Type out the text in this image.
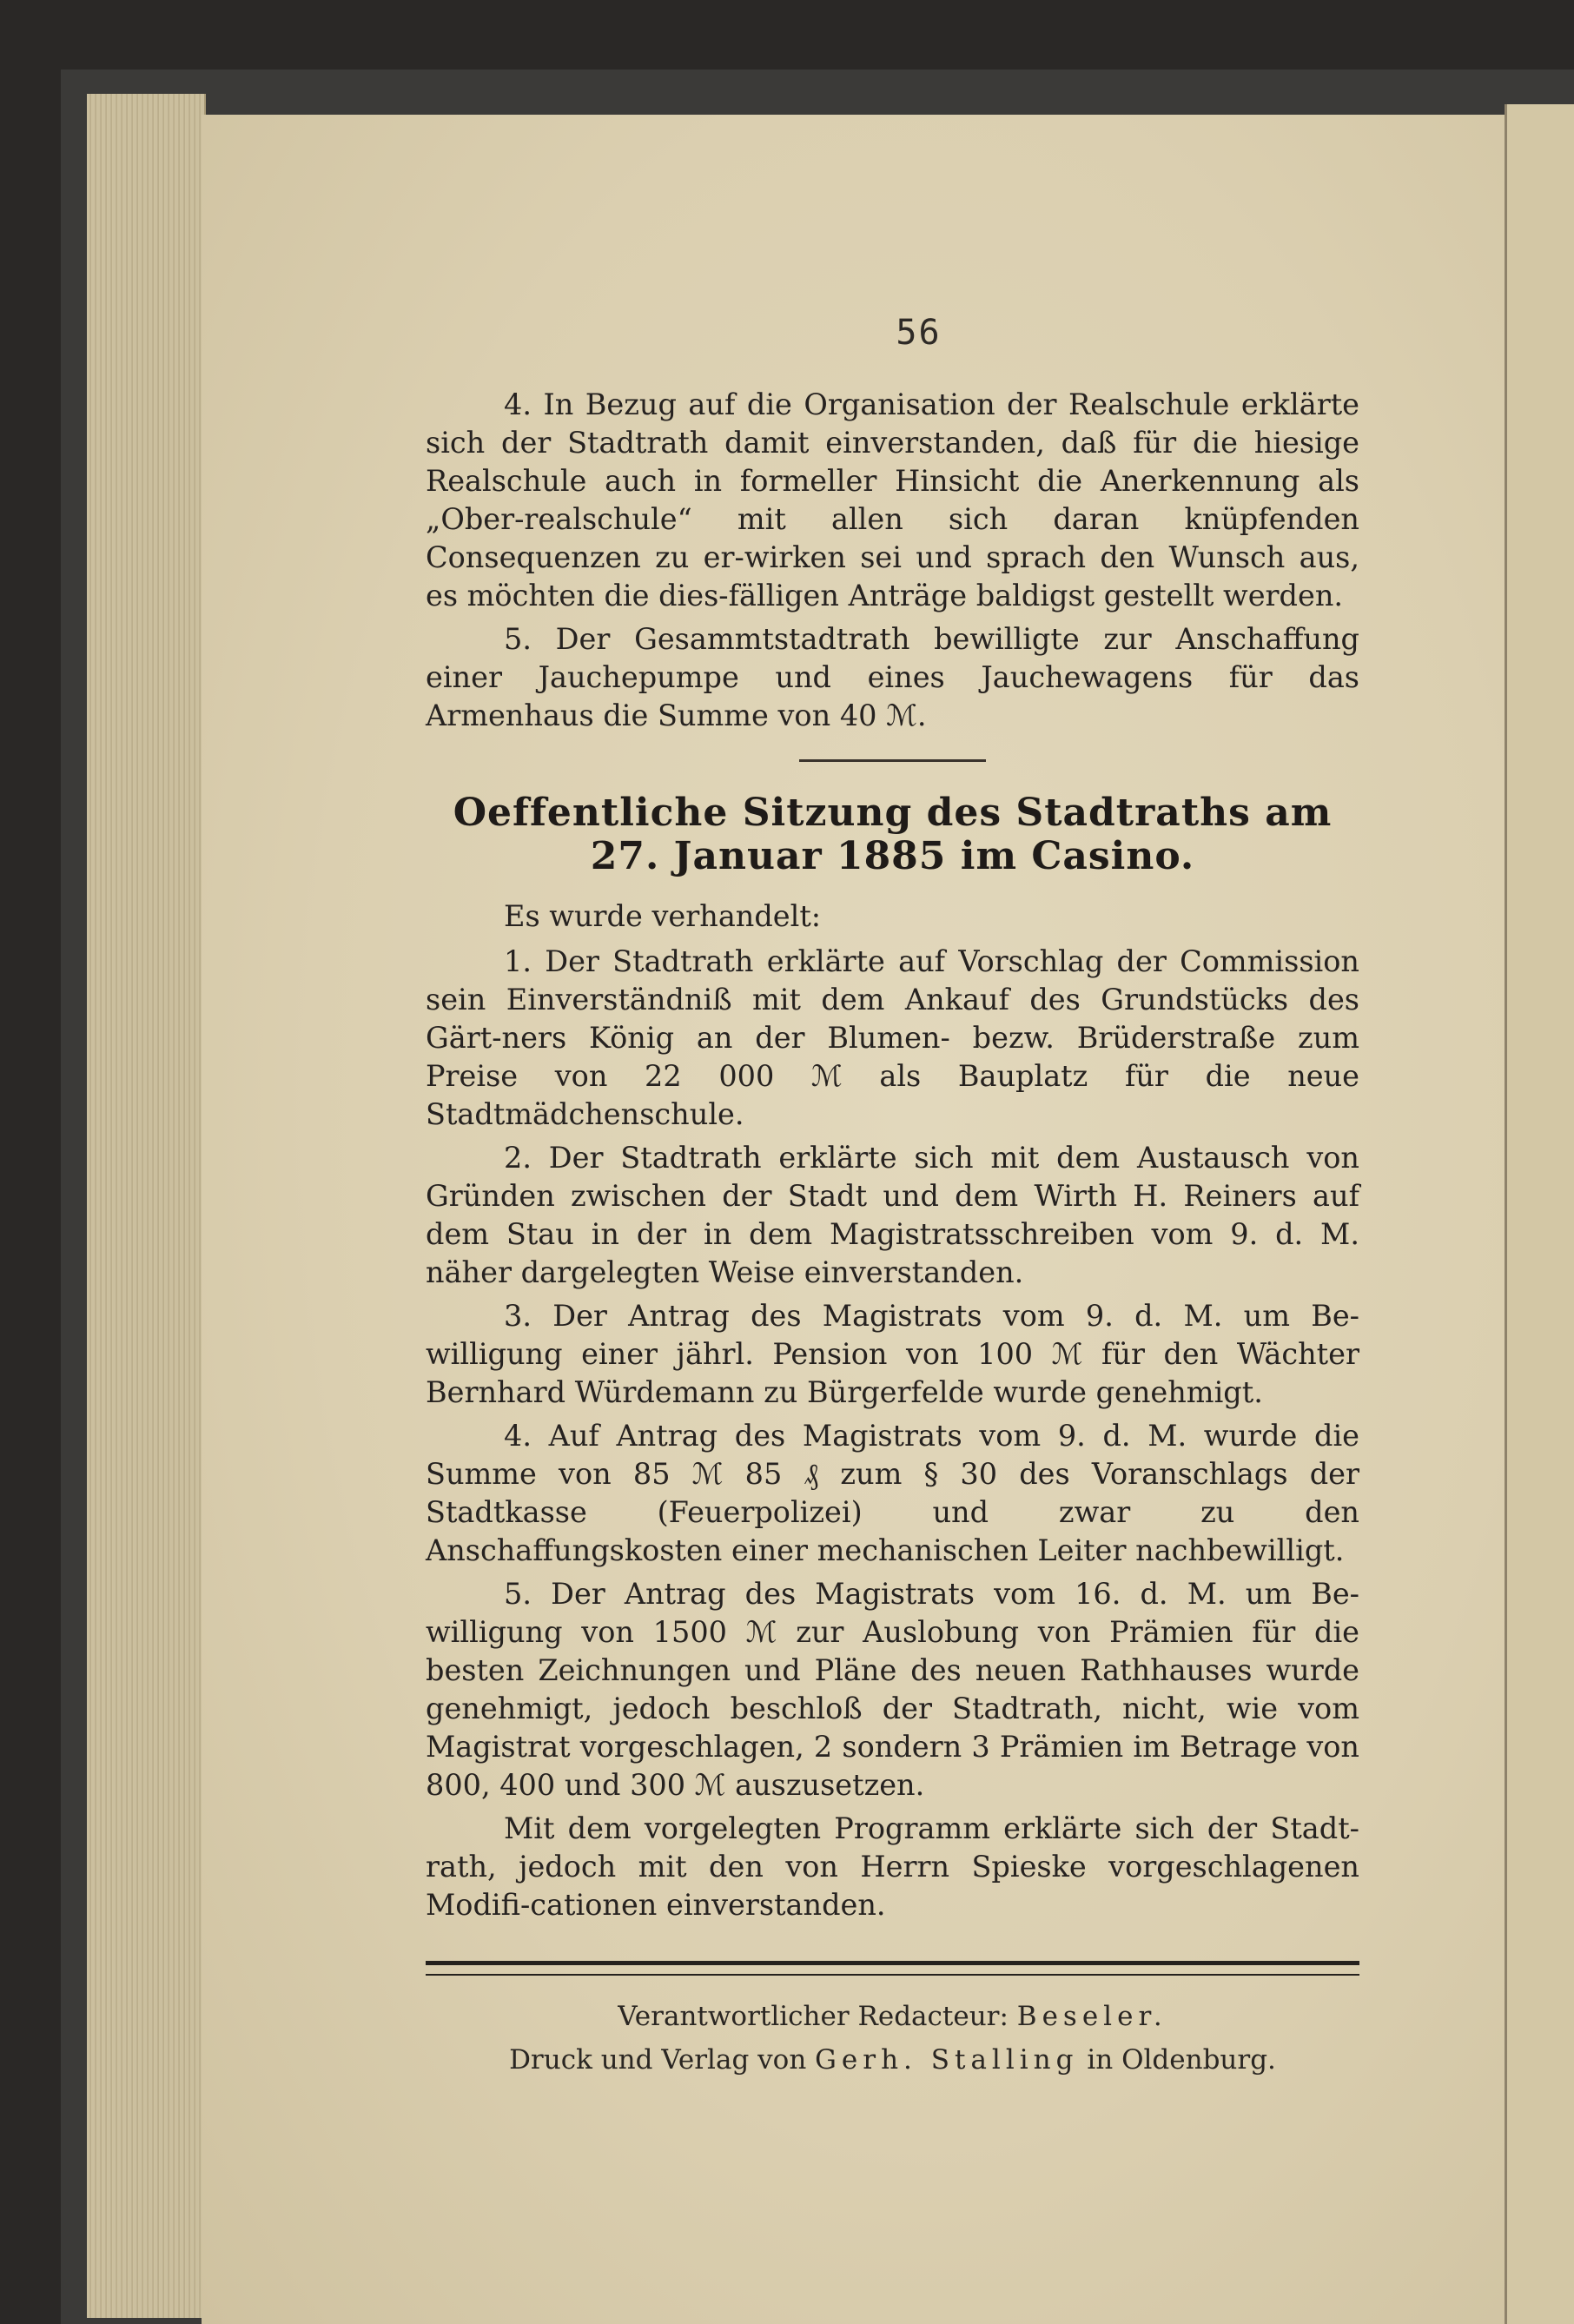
56

4. In Bezug auf die Organisation der Realschule erklärte sich der Stadtrath damit einverstanden, daß für die hiesige Realschule auch in formeller Hinsicht die Anerkennung als „Ober-realschule“ mit allen sich daran knüpfenden Consequenzen zu er-wirken sei und sprach den Wunsch aus, es möchten die dies-fälligen Anträge baldigst gestellt werden.

5. Der Gesammtstadtrath bewilligte zur Anschaffung einer Jauchepumpe und eines Jauchewagens für das Armenhaus die Summe von 40 ℳ.

Oeffentliche Sitzung des Stadtraths am 27. Januar 1885 im Casino.

Es wurde verhandelt:

1. Der Stadtrath erklärte auf Vorschlag der Commission sein Einverständniß mit dem Ankauf des Grundstücks des Gärt-ners König an der Blumen- bezw. Brüderstraße zum Preise von 22 000 ℳ als Bauplatz für die neue Stadtmädchenschule.

2. Der Stadtrath erklärte sich mit dem Austausch von Gründen zwischen der Stadt und dem Wirth H. Reiners auf dem Stau in der in dem Magistratsschreiben vom 9. d. M. näher dargelegten Weise einverstanden.

3. Der Antrag des Magistrats vom 9. d. M. um Be-willigung einer jährl. Pension von 100 ℳ für den Wächter Bernhard Würdemann zu Bürgerfelde wurde genehmigt.

4. Auf Antrag des Magistrats vom 9. d. M. wurde die Summe von 85 ℳ 85 ₰ zum § 30 des Voranschlags der Stadtkasse (Feuerpolizei) und zwar zu den Anschaffungskosten einer mechanischen Leiter nachbewilligt.

5. Der Antrag des Magistrats vom 16. d. M. um Be-willigung von 1500 ℳ zur Auslobung von Prämien für die besten Zeichnungen und Pläne des neuen Rathhauses wurde genehmigt, jedoch beschloß der Stadtrath, nicht, wie vom Magistrat vorgeschlagen, 2 sondern 3 Prämien im Betrage von 800, 400 und 300 ℳ auszusetzen.

Mit dem vorgelegten Programm erklärte sich der Stadt-rath, jedoch mit den von Herrn Spieske vorgeschlagenen Modifi-cationen einverstanden.

Verantwortlicher Redacteur: Beseler.
Druck und Verlag von Gerh. Stalling in Oldenburg.
